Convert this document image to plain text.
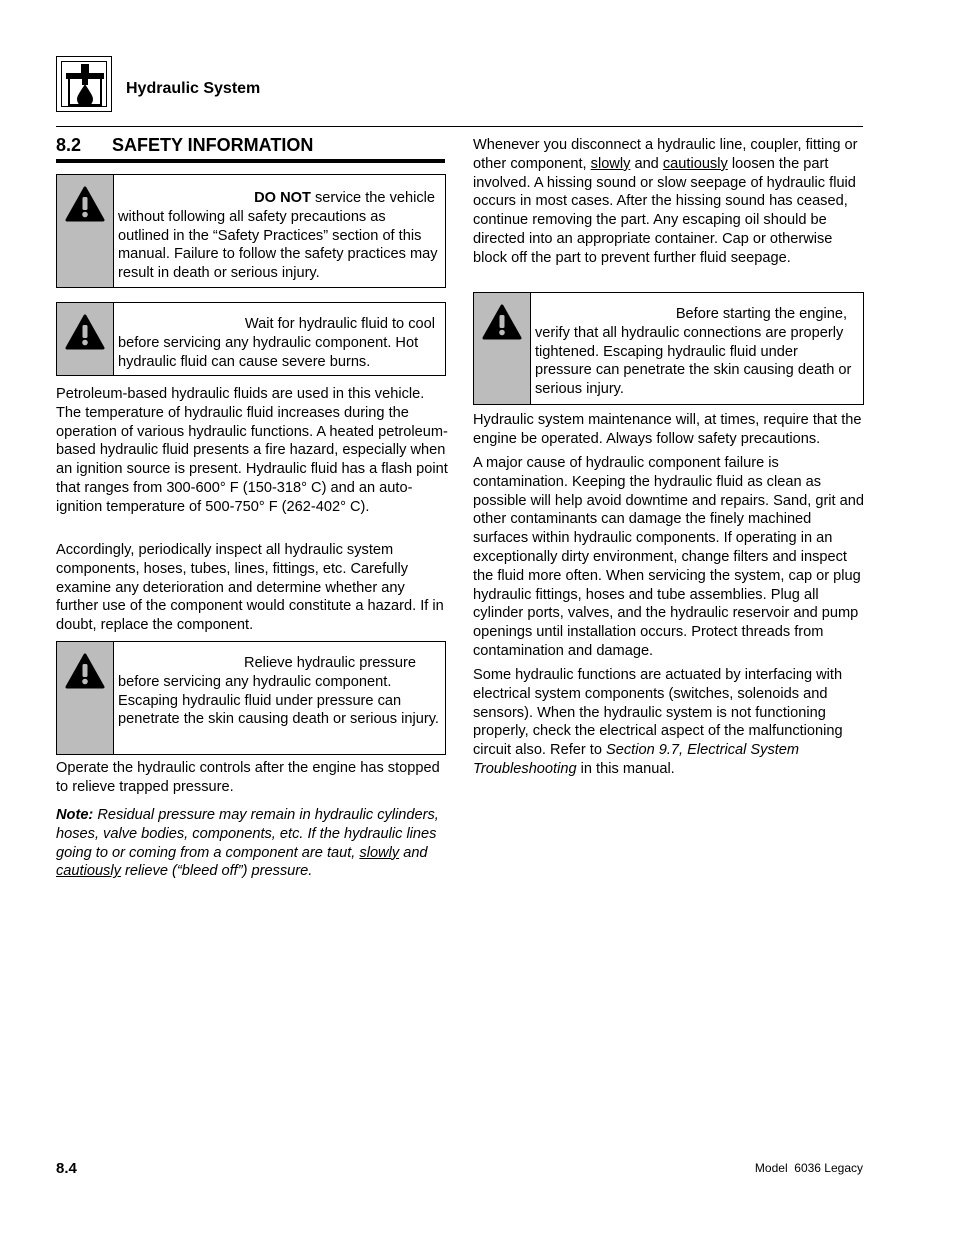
Hydraulic System
8.2 SAFETY INFORMATION
DO NOT service the vehicle
without following all safety precautions as outlined in the “Safety Practices” section of this manual. Failure to follow the safety practices may result in death or serious injury.
Wait for hydraulic fluid to cool
before servicing any hydraulic component. Hot hydraulic fluid can cause severe burns.

Petroleum-based hydraulic fluids are used in this vehicle. The temperature of hydraulic fluid increases during the operation of various hydraulic functions. A heated petroleum-based hydraulic fluid presents a fire hazard, especially when an ignition source is present. Hydraulic fluid has a flash point that ranges from 300-600° F (150-318° C) and an auto-ignition temperature of 500-750° F (262-402° C).

Accordingly, periodically inspect all hydraulic system components, hoses, tubes, lines, fittings, etc. Carefully examine any deterioration and determine whether any further use of the component would constitute a hazard. If in doubt, replace the component.

Relieve hydraulic pressure
before servicing any hydraulic component. Escaping hydraulic fluid under pressure can penetrate the skin causing death or serious injury.

Operate the hydraulic controls after the engine has stopped to relieve trapped pressure.

Note: Residual pressure may remain in hydraulic cylinders, hoses, valve bodies, components, etc. If the hydraulic lines going to or coming from a component are taut, slowly and cautiously relieve (“bleed off”) pressure.

Whenever you disconnect a hydraulic line, coupler, fitting or other component, slowly and cautiously loosen the part involved. A hissing sound or slow seepage of hydraulic fluid occurs in most cases. After the hissing sound has ceased, continue removing the part. Any escaping oil should be directed into an appropriate container. Cap or otherwise block off the part to prevent further fluid seepage.

Before starting the engine,
verify that all hydraulic connections are properly tightened. Escaping hydraulic fluid under pressure can penetrate the skin causing death or serious injury.

Hydraulic system maintenance will, at times, require that the engine be operated. Always follow safety precautions.

A major cause of hydraulic component failure is contamination. Keeping the hydraulic fluid as clean as possible will help avoid downtime and repairs. Sand, grit and other contaminants can damage the finely machined surfaces within hydraulic components. If operating in an exceptionally dirty environment, change filters and inspect the fluid more often. When servicing the system, cap or plug hydraulic fittings, hoses and tube assemblies. Plug all cylinder ports, valves, and the hydraulic reservoir and pump openings until installation occurs. Protect threads from contamination and damage.

Some hydraulic functions are actuated by interfacing with electrical system components (switches, solenoids and sensors). When the hydraulic system is not functioning properly, check the electrical aspect of the malfunctioning circuit also. Refer to Section 9.7, Electrical System Troubleshooting in this manual.

8.4	Model  6036 Legacy
